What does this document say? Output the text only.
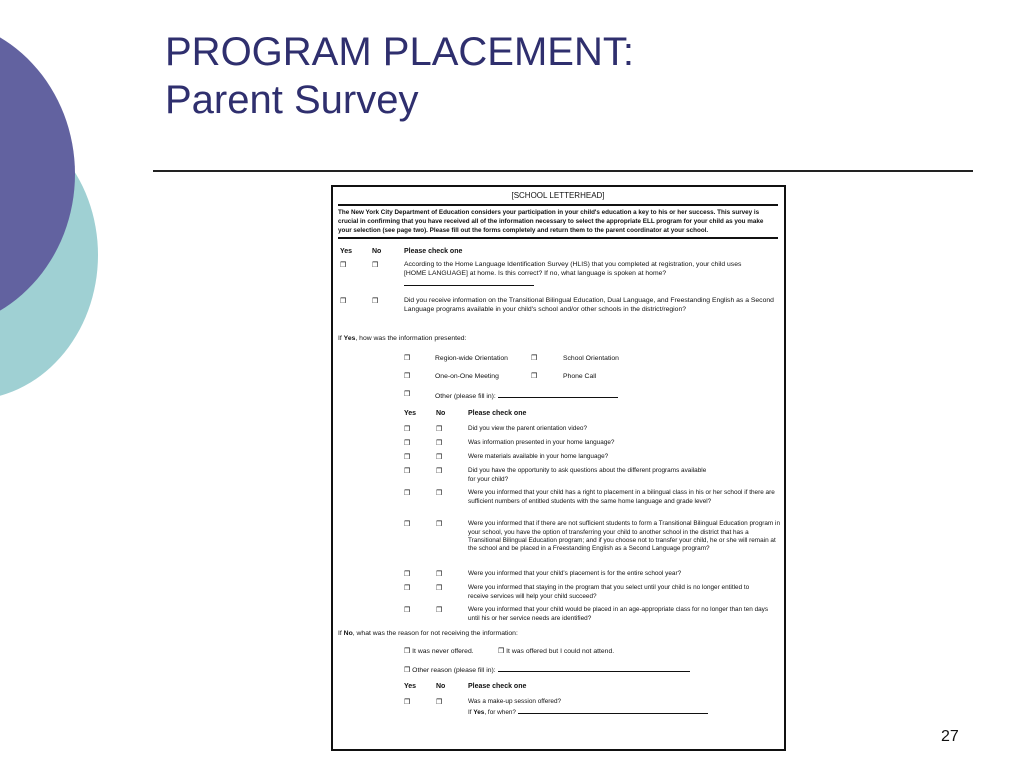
PROGRAM PLACEMENT:
Parent Survey
[SCHOOL LETTERHEAD]
The New York City Department of Education considers your participation in your child's education a key to his or her success. This survey is crucial in confirming that you have received all of the information necessary to select the appropriate ELL program for your child as you make your selection (see page two). Please fill out the forms completely and return them to the parent coordinator at your school.
Yes	No	Please check one
❒	❒	According to the Home Language Identification Survey (HLIS) that you completed at registration, your child uses [HOME LANGUAGE] at home. Is this correct? If no, what language is spoken at home?
❒	❒	Did you receive information on the Transitional Bilingual Education, Dual Language, and Freestanding English as a Second Language programs available in your child's school and/or other schools in the district/region?
If Yes, how was the information presented:
❒	Region-wide Orientation	❒	School Orientation
❒	One-on-One Meeting	❒	Phone Call
❒	Other (please fill in):
Yes	No	Please check one
❒	❒	Did you view the parent orientation video?
❒	❒	Was information presented in your home language?
❒	❒	Were materials available in your home language?
❒	❒	Did you have the opportunity to ask questions about the different programs available for your child?
❒	❒	Were you informed that your child has a right to placement in a bilingual class in his or her school if there are sufficient numbers of entitled students with the same home language and grade level?
❒	❒	Were you informed that if there are not sufficient students to form a Transitional Bilingual Education program in your school, you have the option of transferring your child to another school in the district that has a Transitional Bilingual Education program; and if you choose not to transfer your child, he or she will remain at the school and be placed in a Freestanding English as a Second Language program?
❒	❒	Were you informed that your child's placement is for the entire school year?
❒	❒	Were you informed that staying in the program that you select until your child is no longer entitled to receive services will help your child succeed?
❒	❒	Were you informed that your child would be placed in an age-appropriate class for no longer than ten days until his or her service needs are identified?
If No, what was the reason for not receiving the information:
❒ It was never offered.	❒ It was offered but I could not attend.
❒ Other reason (please fill in):
Yes	No	Please check one
❒	❒	Was a make-up session offered?
If Yes, for when?
27
